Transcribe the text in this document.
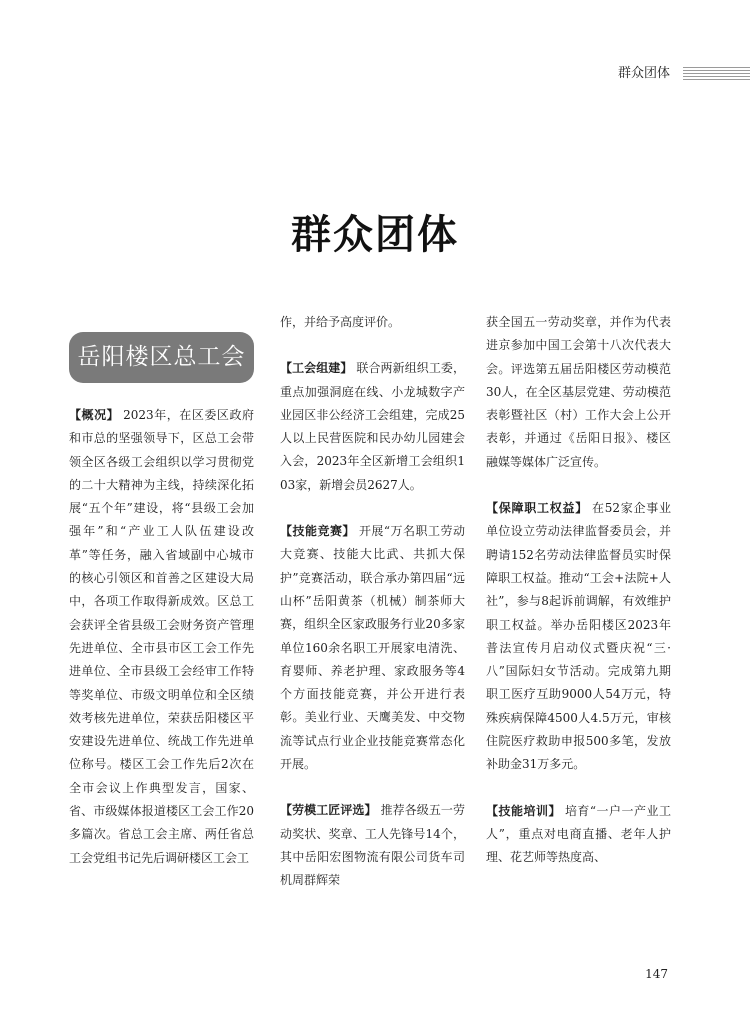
群众团体
群众团体
岳阳楼区总工会

【概况】 2023年，在区委区政府和市总的坚强领导下，区总工会带领全区各级工会组织以学习贯彻党的二十大精神为主线，持续深化拓展“五个年”建设，将“县级工会加强年”和“产业工人队伍建设改革”等任务，融入省域副中心城市的核心引领区和首善之区建设大局中，各项工作取得新成效。区总工会获评全省县级工会财务资产管理先进单位、全市县市区工会工作先进单位、全市县级工会经审工作特等奖单位、市级文明单位和全区绩效考核先进单位，荣获岳阳楼区平安建设先进单位、统战工作先进单位称号。楼区工会工作先后2次在全市会议上作典型发言，国家、省、市级媒体报道楼区工会工作20多篇次。省总工会主席、两任省总工会党组书记先后调研楼区工会工

作，并给予高度评价。

【工会组建】 联合两新组织工委，重点加强洞庭在线、小龙城数字产业园区非公经济工会组建，完成25人以上民营医院和民办幼儿园建会入会，2023年全区新增工会组织103家，新增会员2627人。

【技能竞赛】 开展“万名职工劳动大竞赛、技能大比武、共抓大保护”竞赛活动，联合承办第四届“远山杯”岳阳黄茶（机械）制茶师大赛，组织全区家政服务行业20多家单位160余名职工开展家电清洗、育婴师、养老护理、家政服务等4个方面技能竞赛，并公开进行表彰。美业行业、天鹰美发、中交物流等试点行业企业技能竞赛常态化开展。

【劳模工匠评选】 推荐各级五一劳动奖状、奖章、工人先锋号14个，其中岳阳宏图物流有限公司货车司机周群辉荣

获全国五一劳动奖章，并作为代表进京参加中国工会第十八次代表大会。评选第五届岳阳楼区劳动模范30人，在全区基层党建、劳动模范表彰暨社区（村）工作大会上公开表彰，并通过《岳阳日报》、楼区融媒等媒体广泛宣传。

【保障职工权益】 在52家企事业单位设立劳动法律监督委员会，并聘请152名劳动法律监督员实时保障职工权益。推动“工会+法院+人社”，参与8起诉前调解，有效维护职工权益。举办岳阳楼区2023年普法宣传月启动仪式暨庆祝“三·八”国际妇女节活动。完成第九期职工医疗互助9000人54万元，特殊疾病保障4500人4.5万元，审核住院医疗救助申报500多笔，发放补助金31万多元。

【技能培训】 培育“一户一产业工人”，重点对电商直播、老年人护理、花艺师等热度高、

147
